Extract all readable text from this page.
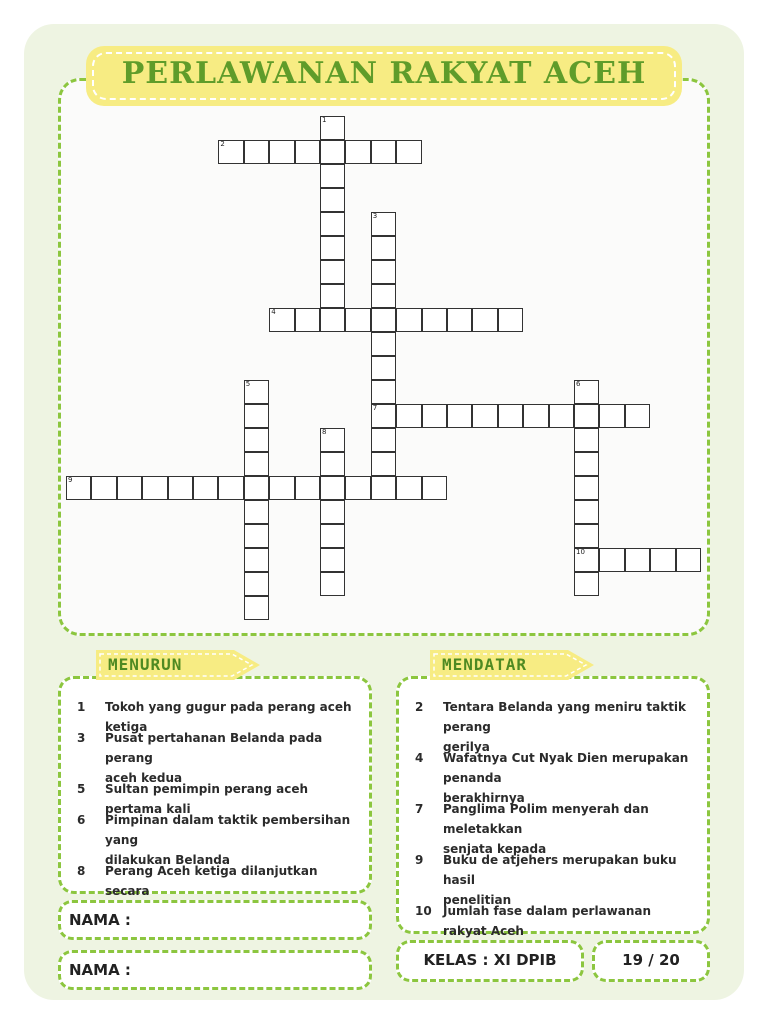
1
2
3
7
4
5	6
10
8
9
PERLAWANAN RAKYAT ACEH
1	Tokoh yang gugur pada perang aceh ketiga
3	Pusat pertahanan Belanda pada perang
aceh kedua
5	Sultan pemimpin perang aceh pertama kali
6	Pimpinan dalam taktik pembersihan yang
dilakukan Belanda
8	Perang Aceh ketiga dilanjutkan secara
MENURUN
2	Tentara Belanda yang meniru taktik perang
gerilya
4	Wafatnya Cut Nyak Dien merupakan penanda
berakhirnya
7	Panglima Polim menyerah dan meletakkan
senjata kepada
9	Buku de atjehers merupakan buku hasil
penelitian
10 Jumlah fase dalam perlawanan rakyat Aceh
MENDATAR
NAMA :
NAMA :
KELAS : XI DPIB	19 / 20
